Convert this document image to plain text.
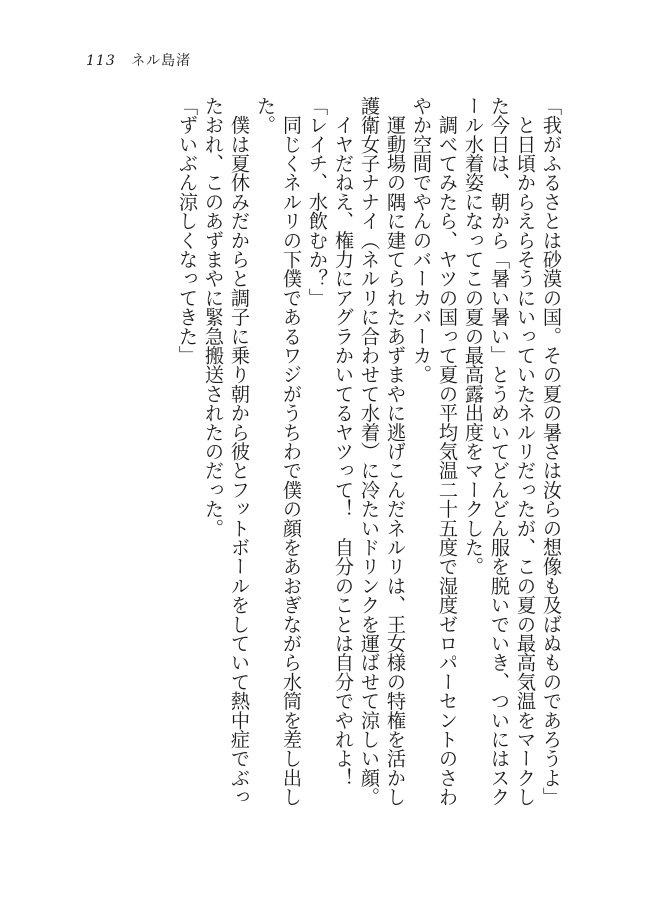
113 ネル島渚

「我がふるさとは砂漠の国。その夏の暑さは汝らの想像も及ばぬものであろうよ」

　と日頃からえらそうにいっていたネルリだったが、この夏の最高気温をマークした今日は、朝から「暑い暑い」とうめいてどんどん服を脱いでいき、ついにはスクール水着姿になってこの夏の最高露出度をマークした。

　調べてみたら、ヤツの国って夏の平均気温二十五度で湿度ゼロパーセントのさわやか空間でやんのバーカバーカ。

　運動場の隅に建てられたあずまやに逃げこんだネルリは、王女様の特権を活かし護衛女子ナナイ（ネルリに合わせて水着）に冷たいドリンクを運ばせて涼しい顔。

　イヤだねえ、権力にアグラかいてるヤツって！　自分のことは自分でやれよ！

「レイチ、水飲むか？」

　同じくネルリの下僕であるワジがうちわで僕の顔をあおぎながら水筒を差し出した。

　僕は夏休みだからと調子に乗り朝から彼とフットボールをしていて熱中症でぶったおれ、このあずまやに緊急搬送されたのだった。

「ずいぶん涼しくなってきた」
